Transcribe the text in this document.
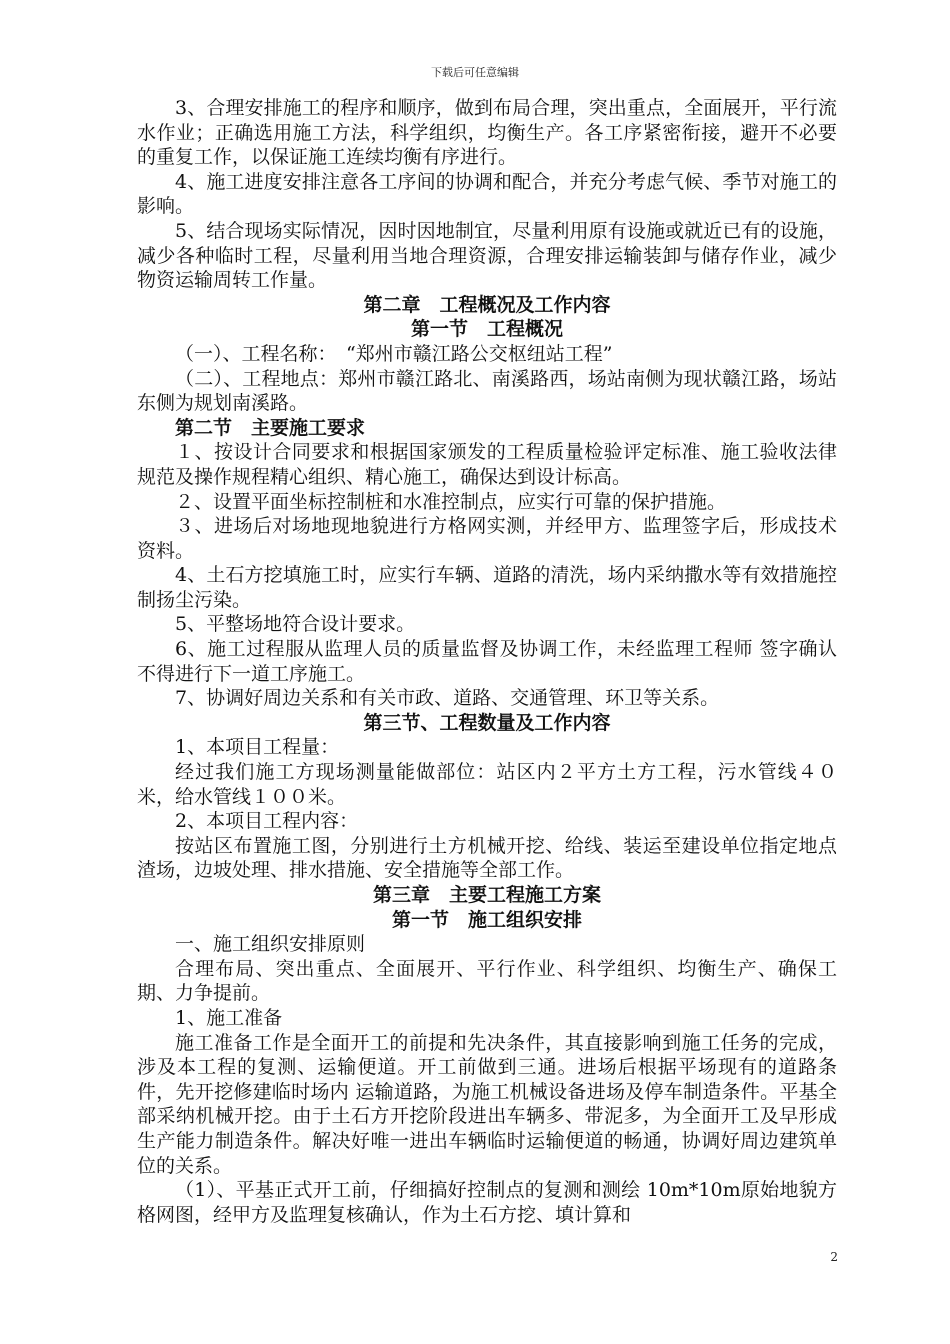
下载后可任意编辑

3、合理安排施工的程序和顺序，做到布局合理，突出重点，全面展开，平行流水作业；正确选用施工方法，科学组织，均衡生产。各工序紧密衔接，避开不必要的重复工作，以保证施工连续均衡有序进行。

4、施工进度安排注意各工序间的协调和配合，并充分考虑气候、季节对施工的影响。

5、结合现场实际情况，因时因地制宜，尽量利用原有设施或就近已有的设施，减少各种临时工程，尽量利用当地合理资源，合理安排运输装卸与储存作业，减少物资运输周转工作量。

第二章　工程概况及工作内容

第一节　工程概况

（一）、工程名称：　“郑州市赣江路公交枢纽站工程”

（二）、工程地点：郑州市赣江路北、南溪路西，场站南侧为现状赣江路，场站东侧为规划南溪路。

第二节　主要施工要求

１、按设计合同要求和根据国家颁发的工程质量检验评定标准、施工验收法律规范及操作规程精心组织、精心施工，确保达到设计标高。

２、设置平面坐标控制桩和水准控制点，应实行可靠的保护措施。

３、进场后对场地现地貌进行方格网实测，并经甲方、监理签字后，形成技术资料。

4、土石方挖填施工时，应实行车辆、道路的清洗，场内采纳撒水等有效措施控制扬尘污染。

5、平整场地符合设计要求。

6、施工过程服从监理人员的质量监督及协调工作，未经监理工程师 签字确认不得进行下一道工序施工。

7、协调好周边关系和有关市政、道路、交通管理、环卫等关系。

第三节、工程数量及工作内容

1、本项目工程量：

经过我们施工方现场测量能做部位：站区内２平方土方工程，污水管线４０米，给水管线１００米。

2、本项目工程内容：

按站区布置施工图，分别进行土方机械开挖、给线、装运至建设单位指定地点渣场，边坡处理、排水措施、安全措施等全部工作。

第三章　主要工程施工方案

第一节　施工组织安排

一、施工组织安排原则

合理布局、突出重点、全面展开、平行作业、科学组织、均衡生产、确保工期、力争提前。

1、施工准备

施工准备工作是全面开工的前提和先决条件，其直接影响到施工任务的完成，涉及本工程的复测、运输便道。开工前做到三通。进场后根据平场现有的道路条件，先开挖修建临时场内 运输道路，为施工机械设备进场及停车制造条件。平基全部采纳机械开挖。由于土石方开挖阶段进出车辆多、带泥多，为全面开工及早形成生产能力制造条件。解决好唯一进出车辆临时运输便道的畅通，协调好周边建筑单位的关系。

（1）、平基正式开工前，仔细搞好控制点的复测和测绘 10m*10m原始地貌方格网图，经甲方及监理复核确认，作为土石方挖、填计算和

2
